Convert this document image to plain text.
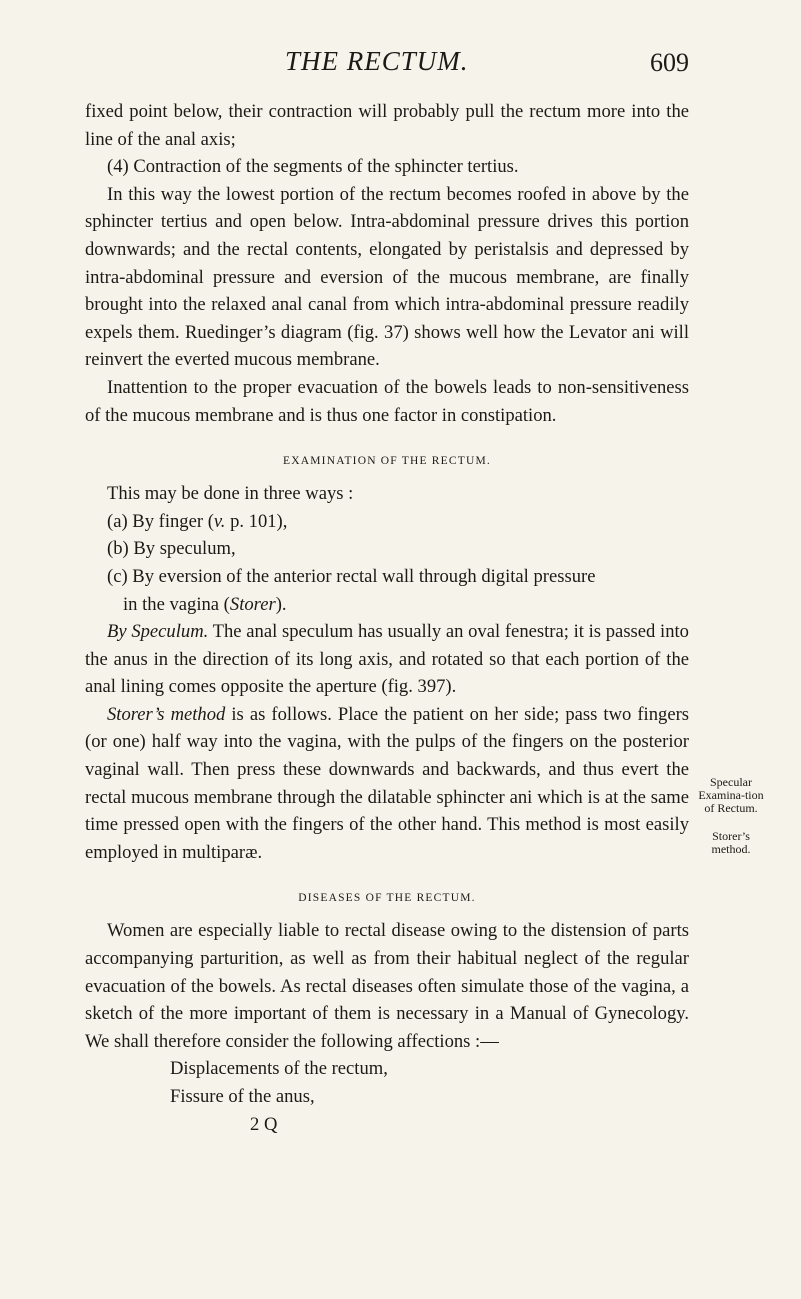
THE RECTUM.	609

fixed point below, their contraction will probably pull the rectum more into the line of the anal axis;

(4) Contraction of the segments of the sphincter tertius.

In this way the lowest portion of the rectum becomes roofed in above by the sphincter tertius and open below. Intra-abdominal pressure drives this portion downwards; and the rectal contents, elongated by peristalsis and depressed by intra-abdominal pressure and eversion of the mucous membrane, are finally brought into the relaxed anal canal from which intra-abdominal pressure readily expels them. Ruedinger’s diagram (fig. 37) shows well how the Levator ani will reinvert the everted mucous membrane.

Inattention to the proper evacuation of the bowels leads to non-sensitiveness of the mucous membrane and is thus one factor in constipation.

EXAMINATION OF THE RECTUM.

This may be done in three ways :

(a) By finger (v. p. 101),

(b) By speculum,

(c) By eversion of the anterior rectal wall through digital pressure

in the vagina (Storer).

By Speculum. The anal speculum has usually an oval fenestra; it is passed into the anus in the direction of its long axis, and rotated so that each portion of the anal lining comes opposite the aperture (fig. 397).

Storer’s method is as follows. Place the patient on her side; pass two fingers (or one) half way into the vagina, with the pulps of the fingers on the posterior vaginal wall. Then press these downwards and backwards, and thus evert the rectal mucous membrane through the dilatable sphincter ani which is at the same time pressed open with the fingers of the other hand. This method is most easily employed in multiparæ.

DISEASES OF THE RECTUM.

Women are especially liable to rectal disease owing to the distension of parts accompanying parturition, as well as from their habitual neglect of the regular evacuation of the bowels. As rectal diseases often simulate those of the vagina, a sketch of the more important of them is necessary in a Manual of Gynecology. We shall therefore consider the following affections :—

Displacements of the rectum,

Fissure of the anus,

2 Q

Specular Examina-tion of Rectum.
Storer’s method.
